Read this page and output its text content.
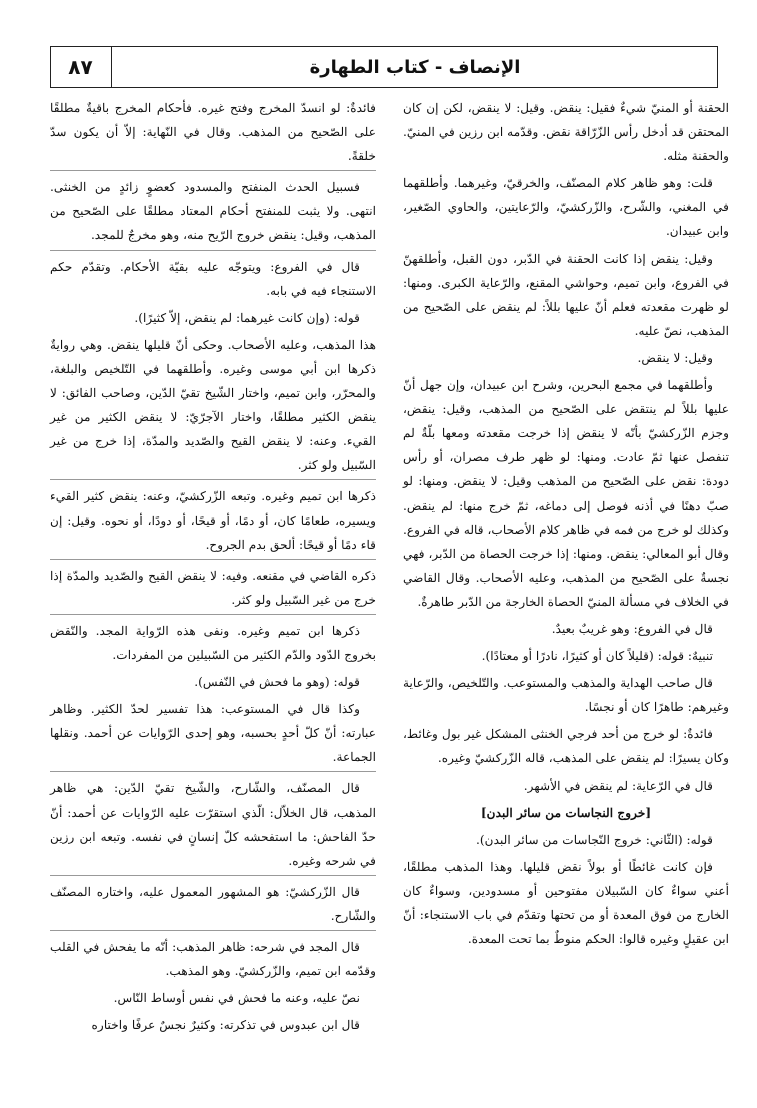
٨٧	الإنصاف - كتاب الطهارة

الحقنة أو المنيّ شيءٌ فقيل: ينقض. وقيل: لا ينقض، لكن إن كان المحتقن قد أدخل رأس الزّرّاقة نقض. وقدّمه ابن رزين في المنيّ. والحقنة مثله.

قلت: وهو ظاهر كلام المصنّف، والخرقيّ، وغيرهما. وأطلقهما في المغني، والشّرح، والزّركشيّ، والرّعايتين، والحاوي الصّغير، وابن عبيدان.

وقيل: ينقض إذا كانت الحقنة في الدّبر، دون القبل، وأطلقهنّ في الفروع، وابن تميم، وحواشي المقنع، والرّعاية الكبرى. ومنها: لو ظهرت مقعدته فعلم أنّ عليها بللاً: لم ينقض على الصّحيح من المذهب، نصّ عليه.

وقيل: لا ينقض.

وأطلقهما في مجمع البحرين، وشرح ابن عبيدان، وإن جهل أنّ عليها بللاً لم ينتقض على الصّحيح من المذهب، وقيل: ينقض، وجزم الزّركشيّ بأنّه لا ينقض إذا خرجت مقعدته ومعها بلّةٌ لم تنفصل عنها ثمّ عادت. ومنها: لو ظهر طرف مصران، أو رأس دودة: نقض على الصّحيح من المذهب وقيل: لا ينقض. ومنها: لو صبّ دهنًا في أذنه فوصل إلى دماغه، ثمّ خرج منها: لم ينقض. وكذلك لو خرج من فمه في ظاهر كلام الأصحاب، قاله في الفروع. وقال أبو المعالي: ينقض. ومنها: إذا خرجت الحصاة من الدّبر، فهي نجسةٌ على الصّحيح من المذهب، وعليه الأصحاب. وقال القاضي في الخلاف في مسألة المنيّ الحصاة الخارجة من الدّبر طاهرةٌ.

قال في الفروع: وهو غريبٌ بعيدٌ.

تنبيهٌ: قوله: (قليلاً كان أو كثيرًا، نادرًا أو معتادًا).

قال صاحب الهداية والمذهب والمستوعب. والتّلخيص، والرّعاية وغيرهم: طاهرًا كان أو نجسًا.

فائدةٌ: لو خرج من أحد فرجي الخنثى المشكل غير بول وغائط، وكان يسيرًا: لم ينقض على المذهب، قاله الزّركشيّ وغيره.

قال في الرّعاية: لم ينقض في الأشهر.

[خروج النجاسات من سائر البدن]

قوله: (الثّاني: خروج النّجاسات من سائر البدن).

فإن كانت غائطًا أو بولاً نقض قليلها. وهذا المذهب مطلقًا، أعني سواءٌ كان السّبيلان مفتوحين أو مسدودين، وسواءٌ كان الخارج من فوق المعدة أو من تحتها وتقدّم في باب الاستنجاء: أنّ ابن عقيلٍ وغيره قالوا: الحكم منوطٌ بما تحت المعدة.

فائدةٌ: لو انسدّ المخرج وفتح غيره. فأحكام المخرج باقيةٌ مطلقًا على الصّحيح من المذهب. وقال في النّهاية: إلاّ أن يكون سدّ خلقةً.

فسبيل الحدث المنفتح والمسدود كعضوٍ زائدٍ من الخنثى. انتهى. ولا يثبت للمنفتح أحكام المعتاد مطلقًا على الصّحيح من المذهب، وقيل: ينقض خروج الرّيح منه، وهو مخرجٌ للمجد.

قال في الفروع: ويتوجّه عليه بقيّة الأحكام. وتقدّم حكم الاستنجاء فيه في بابه.

قوله: (وإن كانت غيرهما: لم ينقض، إلاّ كثيرًا).

هذا المذهب، وعليه الأصحاب. وحكى أنّ قليلها ينقض. وهي روايةٌ ذكرها ابن أبي موسى وغيره. وأطلقهما في التّلخيص والبلغة، والمحرّر، وابن تميم، واختار الشّيخ تقيّ الدّين، وصاحب الفائق: لا ينقض الكثير مطلقًا، واختار الآجرّيّ: لا ينقض الكثير من غير القيء. وعنه: لا ينقض القيح والصّديد والمدّة، إذا خرج من غير السّبيل ولو كثر.

ذكرها ابن تميم وغيره. وتبعه الزّركشيّ، وعنه: ينقض كثير القيء ويسيره، طعامًا كان، أو دمًا، أو قيحًا، أو دودًا، أو نحوه. وقيل: إن قاء دمًا أو قيحًا: ألحق بدم الجروح.

ذكره القاضي في مقنعه. وفيه: لا ينقض القيح والصّديد والمدّة إذا خرج من غير السّبيل ولو كثر.

ذكرها ابن تميم وغيره. ونفى هذه الرّواية المجد. والنّقض بخروج الدّود والدّم الكثير من السّبيلين من المفردات.

قوله: (وهو ما فحش في النّفس).

وكذا قال في المستوعب: هذا تفسير لحدّ الكثير. وظاهر عبارته: أنّ كلّ أحدٍ بحسبه، وهو إحدى الرّوايات عن أحمد. ونقلها الجماعة.

قال المصنّف، والشّارح، والشّيخ تقيّ الدّين: هي ظاهر المذهب، قال الخلاّل: الّذي استقرّت عليه الرّوايات عن أحمد: أنّ حدّ الفاحش: ما استفحشه كلّ إنسانٍ في نفسه. وتبعه ابن رزين في شرحه وغيره.

قال الزّركشيّ: هو المشهور المعمول عليه، واختاره المصنّف والشّارح.

قال المجد في شرحه: ظاهر المذهب: أنّه ما يفحش في القلب وقدّمه ابن تميم، والزّركشيّ. وهو المذهب.

نصّ عليه، وعنه ما فحش في نفس أوساط النّاس.

قال ابن عبدوس في تذكرته: وكثيرٌ نجسٌ عرفًا واختاره
